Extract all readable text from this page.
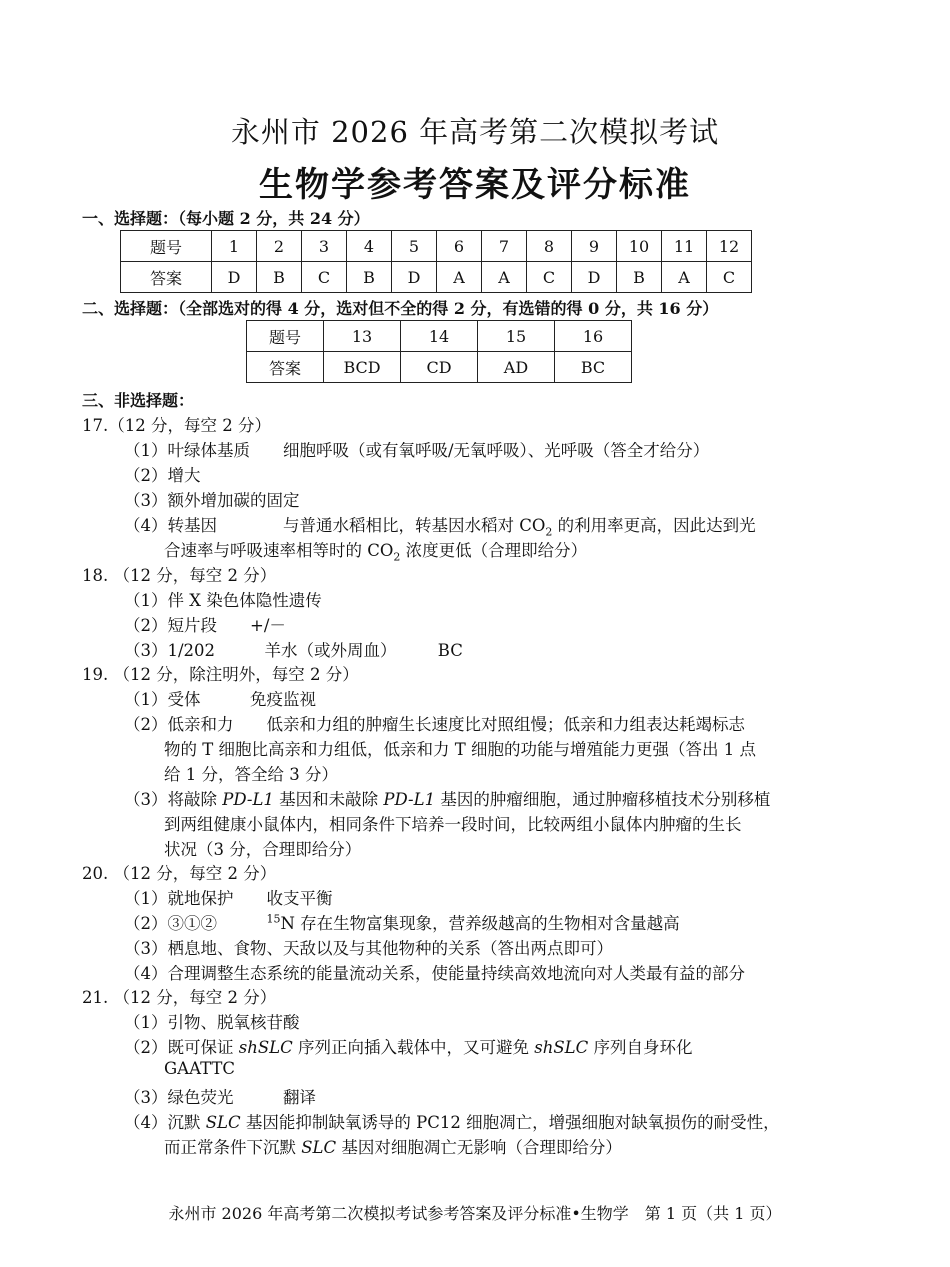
永州市 2026 年高考第二次模拟考试
生物学参考答案及评分标准
一、选择题：（每小题 2 分，共 24 分）
题号	1	2	3	4	5	6	7	8	9	10	11	12
答案	D	B	C	B	D	A	A	C	D	B	A	C
二、选择题：（全部选对的得 4 分，选对但不全的得 2 分，有选错的得 0 分，共 16 分）
题号	13	14	15	16
答案	BCD	CD	AD	BC
三、非选择题：
17.（12 分，每空 2 分）
（1）叶绿体基质　　细胞呼吸（或有氧呼吸/无氧呼吸）、光呼吸（答全才给分）
（2）增大
（3）额外增加碳的固定
（4）转基因　　　　与普通水稻相比，转基因水稻对 $CO_2$ 的利用率更高，因此达到光
合速率与呼吸速率相等时的 $CO_2$ 浓度更低（合理即给分）
18. （12 分，每空 2 分）
（1）伴 X 染色体隐性遗传
（2）短片段　　+/－
（3）1/202　　　羊水（或外周血）　　　BC
19. （12 分，除注明外，每空 2 分）
（1）受体　　　免疫监视
（2）低亲和力　　低亲和力组的肿瘤生长速度比对照组慢；低亲和力组表达耗竭标志
物的 T 细胞比高亲和力组低，低亲和力 T 细胞的功能与增殖能力更强（答出 1 点
给 1 分，答全给 3 分）
（3）将敲除 PD-L1 基因和未敲除 PD-L1 基因的肿瘤细胞，通过肿瘤移植技术分别移植
到两组健康小鼠体内，相同条件下培养一段时间，比较两组小鼠体内肿瘤的生长
状况（3 分，合理即给分）
20. （12 分，每空 2 分）
（1）就地保护　　收支平衡
（2）③①②　　　$^{15}$N 存在生物富集现象，营养级越高的生物相对含量越高
（3）栖息地、食物、天敌以及与其他物种的关系（答出两点即可）
（4）合理调整生态系统的能量流动关系，使能量持续高效地流向对人类最有益的部分
21. （12 分，每空 2 分）
（1）引物、脱氧核苷酸
（2）既可保证 shSLC 序列正向插入载体中，又可避免 shSLC 序列自身环化
GAATTC
（3）绿色荧光　　　翻译
（4）沉默 SLC 基因能抑制缺氧诱导的 PC12 细胞凋亡，增强细胞对缺氧损伤的耐受性，
而正常条件下沉默 SLC 基因对细胞凋亡无影响（合理即给分）
永州市 2026 年高考第二次模拟考试参考答案及评分标准•生物学　第 1 页（共 1 页）
